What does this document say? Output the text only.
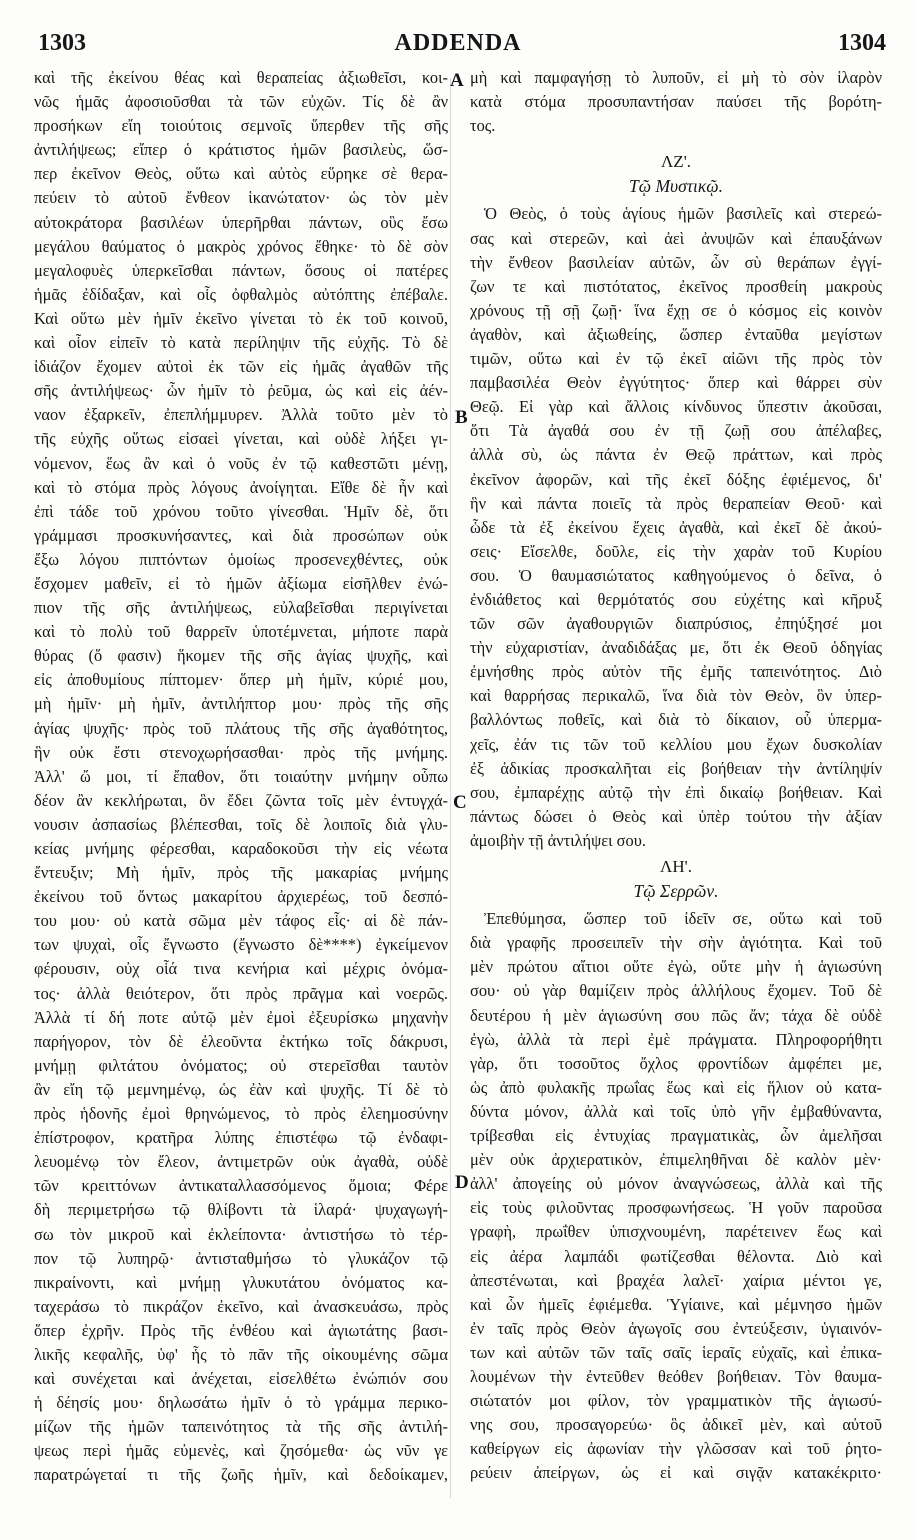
1303	ADDENDA	1304
A
B
C
D
καὶ τῆς ἐκείνου θέας καὶ θεραπείας ἀξιωθεῖσι, κοι-
νῶς ἡμᾶς ἀφοσιοῦσθαι τὰ τῶν εὐχῶν. Τίς δὲ ἂν
προσήκων εἴη τοιούτοις σεμνοῖς ὕπερθεν τῆς σῆς
ἀντιλήψεως; εἴπερ ὁ κράτιστος ἡμῶν βασιλεὺς, ὥσ-
περ ἐκεῖνον Θεὸς, οὕτω καὶ αὐτὸς εὕρηκε σὲ θερα-
πεύειν τὸ αὐτοῦ ἔνθεον ἱκανώτατον· ὡς τὸν μὲν
αὐτοκράτορα βασιλέων ὑπερῆρθαι πάντων, οὓς ἔσω
μεγάλου θαύματος ὁ μακρὸς χρόνος ἔθηκε· τὸ δὲ σὸν
μεγαλοφυὲς ὑπερκεῖσθαι πάντων, ὅσους οἱ πατέρες
ἡμᾶς ἐδίδαξαν, καὶ οἷς ὀφθαλμὸς αὐτόπτης ἐπέβαλε.
Καὶ οὕτω μὲν ἡμῖν ἐκεῖνο γίνεται τὸ ἐκ τοῦ κοινοῦ,
καὶ οἷον εἰπεῖν τὸ κατὰ περίληψιν τῆς εὐχῆς. Τὸ δὲ
ἰδιάζον ἔχομεν αὐτοὶ ἐκ τῶν εἰς ἡμᾶς ἀγαθῶν τῆς
σῆς ἀντιλήψεως· ὧν ἡμῖν τὸ ῥεῦμα, ὡς καὶ εἰς ἀέν-
ναον ἐξαρκεῖν, ἐπεπλήμμυρεν. Ἀλλὰ τοῦτο μὲν τὸ
τῆς εὐχῆς οὕτως εἰσαεὶ γίνεται, καὶ οὐδὲ λήξει γι-
νόμενον, ἕως ἂν καὶ ὁ νοῦς ἐν τῷ καθεστῶτι μένῃ,
καὶ τὸ στόμα πρὸς λόγους ἀνοίγηται. Εἴθε δὲ ἦν καὶ
ἐπὶ τάδε τοῦ χρόνου τοῦτο γίνεσθαι. Ἡμῖν δὲ, ὅτι
γράμμασι προσκυνήσαντες, καὶ διὰ προσώπων οὐκ
ἔξω λόγου πιπτόντων ὁμοίως προσενεχθέντες, οὐκ
ἔσχομεν μαθεῖν, εἰ τὸ ἡμῶν ἀξίωμα εἰσῆλθεν ἐνώ-
πιον τῆς σῆς ἀντιλήψεως, εὐλαβεῖσθαι περιγίνεται
καὶ τὸ πολὺ τοῦ θαρρεῖν ὑποτέμνεται, μήποτε παρὰ
θύρας (ὅ φασιν) ἥκομεν τῆς σῆς ἁγίας ψυχῆς, καὶ
εἰς ἀποθυμίους πίπτομεν· ὅπερ μὴ ἡμῖν, κύριέ μου,
μὴ ἡμῖν· μὴ ἡμῖν, ἀντιλήπτορ μου· πρὸς τῆς σῆς
ἁγίας ψυχῆς· πρὸς τοῦ πλάτους τῆς σῆς ἀγαθότητος,
ἣν οὐκ ἔστι στενοχωρήσασθαι· πρὸς τῆς μνήμης.
Ἀλλ' ὤ μοι, τί ἔπαθον, ὅτι τοιαύτην μνήμην οὗπω
δέον ἂν κεκλήρωται, ὃν ἔδει ζῶντα τοῖς μὲν ἐντυγχά-
νουσιν ἀσπασίως βλέπεσθαι, τοῖς δὲ λοιποῖς διὰ γλυ-
κείας μνήμης φέρεσθαι, καραδοκοῦσι τὴν εἰς νέωτα
ἔντευξιν; Μὴ ἡμῖν, πρὸς τῆς μακαρίας μνήμης
ἐκείνου τοῦ ὄντως μακαρίτου ἀρχιερέως, τοῦ δεσπό-
του μου· οὐ κατὰ σῶμα μὲν τάφος εἷς· αἱ δὲ πάν-
των ψυχαὶ, οἷς ἔγνωστο (ἔγνωστο δὲ****) ἐγκείμενον
φέρουσιν, οὐχ οἷά τινα κενήρια καὶ μέχρις ὀνόμα-
τος· ἀλλὰ θειότερον, ὅτι πρὸς πρᾶγμα καὶ νοερῶς.
Ἀλλὰ τί δή ποτε αὐτῷ μὲν ἐμοὶ ἐξευρίσκω μηχανὴν
παρήγορον, τὸν δὲ ἐλεοῦντα ἐκτήκω τοῖς δάκρυσι,
μνήμῃ φιλτάτου ὀνόματος; οὐ στερεῖσθαι ταυτὸν
ἂν εἴη τῷ μεμνημένῳ, ὡς ἐὰν καὶ ψυχῆς. Τί δὲ τὸ
πρὸς ἡδονῆς ἐμοὶ θρηνώμενος, τὸ πρὸς ἐλεημοσύνην
ἐπίστροφον, κρατῆρα λύπης ἐπιστέφω τῷ ἐνδαφι-
λευομένῳ τὸν ἔλεον, ἀντιμετρῶν οὐκ ἀγαθὰ, οὐδὲ
τῶν κρειττόνων ἀντικαταλλασσόμενος ὅμοια; Φέρε
δὴ περιμετρήσω τῷ θλίβοντι τὰ ἱλαρά· ψυχαγωγή-
σω τὸν μικροῦ καὶ ἐκλείποντα· ἀντιστήσω τὸ τέρ-
πον τῷ λυπηρῷ· ἀντισταθμήσω τὸ γλυκάζον τῷ
πικραίνοντι, καὶ μνήμῃ γλυκυτάτου ὀνόματος κα-
ταχεράσω τὸ πικράζον ἐκεῖνο, καὶ ἀνασκευάσω, πρὸς
ὅπερ ἐχρῆν. Πρὸς τῆς ἐνθέου καὶ ἁγιωτάτης βασι-
λικῆς κεφαλῆς, ὑφ' ἧς τὸ πᾶν τῆς οἰκουμένης σῶμα
καὶ συνέχεται καὶ ἀνέχεται, εἰσελθέτω ἐνώπιόν σου
ἡ δέησίς μου· δηλωσάτω ἡμῖν ὁ τὸ γράμμα περικο-
μίζων τῆς ἡμῶν ταπεινότητος τὰ τῆς σῆς ἀντιλή-
ψεως περὶ ἡμᾶς εὐμενὲς, καὶ ζησόμεθα· ὡς νῦν γε
παρατρώγεταί τι τῆς ζωῆς ἡμῖν, καὶ δεδοίκαμεν,
μὴ καὶ παμφαγήσῃ τὸ λυποῦν, εἰ μὴ τὸ σὸν ἱλαρὸν
κατὰ στόμα προσυπαντήσαν παύσει τῆς βορότη-
τος.
ΛΖ'.
Τῷ Μυστικῷ.
Ὁ Θεὸς, ὁ τοὺς ἁγίους ἡμῶν βασιλεῖς καὶ στερεώ-
σας καὶ στερεῶν, καὶ ἀεὶ ἀνυψῶν καὶ ἐπαυξάνων
τὴν ἔνθεον βασιλείαν αὐτῶν, ὧν σὺ θεράπων ἐγγί-
ζων τε καὶ πιστότατος, ἐκεῖνος προσθείη μακροὺς
χρόνους τῇ σῇ ζωῇ· ἵνα ἔχῃ σε ὁ κόσμος εἰς κοινὸν
ἀγαθὸν, καὶ ἀξιωθείης, ὥσπερ ἐνταῦθα μεγίστων
τιμῶν, οὕτω καὶ ἐν τῷ ἐκεῖ αἰῶνι τῆς πρὸς τὸν
παμβασιλέα Θεὸν ἐγγύτητος· ὅπερ καὶ θάρρει σὺν
Θεῷ. Εἰ γὰρ καὶ ἄλλοις κίνδυνος ὕπεστιν ἀκοῦσαι,
ὅτι Τὰ ἀγαθά σου ἐν τῇ ζωῇ σου ἀπέλαβες,
ἀλλὰ σὺ, ὡς πάντα ἐν Θεῷ πράττων, καὶ πρὸς
ἐκεῖνον ἀφορῶν, καὶ τῆς ἐκεῖ δόξης ἐφιέμενος, δι'
ἣν καὶ πάντα ποιεῖς τὰ πρὸς θεραπείαν Θεοῦ· καὶ
ὧδε τὰ ἐξ ἐκείνου ἔχεις ἀγαθὰ, καὶ ἐκεῖ δὲ ἀκού-
σεις· Εἴσελθε, δοῦλε, εἰς τὴν χαρὰν τοῦ Κυρίου
σου. Ὁ θαυμασιώτατος καθηγούμενος ὁ δεῖνα, ὁ
ἐνδιάθετος καὶ θερμότατός σου εὐχέτης καὶ κῆρυξ
τῶν σῶν ἀγαθουργιῶν διαπρύσιος, ἐπηύξησέ μοι
τὴν εὐχαριστίαν, ἀναδιδάξας με, ὅτι ἐκ Θεοῦ ὁδηγίας
ἐμνήσθης πρὸς αὐτὸν τῆς ἐμῆς ταπεινότητος. Διὸ
καὶ θαρρήσας περικαλῶ, ἵνα διὰ τὸν Θεὸν, ὃν ὑπερ-
βαλλόντως ποθεῖς, καὶ διὰ τὸ δίκαιον, οὗ ὑπερμα-
χεῖς, ἐάν τις τῶν τοῦ κελλίου μου ἔχων δυσκολίαν
ἐξ ἀδικίας προσκαλῆται εἰς βοήθειαν τὴν ἀντίληψίν
σου, ἐμπαρέχῃς αὐτῷ τὴν ἐπὶ δικαίῳ βοήθειαν. Καὶ
πάντως δώσει ὁ Θεὸς καὶ ὑπὲρ τούτου τὴν ἀξίαν
ἀμοιβὴν τῇ ἀντιλήψει σου.
ΛΗ'.
Τῷ Σερρῶν.
Ἐπεθύμησα, ὥσπερ τοῦ ἰδεῖν σε, οὕτω καὶ τοῦ
διὰ γραφῆς προσειπεῖν τὴν σὴν ἁγιότητα. Καὶ τοῦ
μὲν πρώτου αἴτιοι οὔτε ἐγὼ, οὔτε μὴν ἡ ἁγιωσύνη
σου· οὐ γὰρ θαμίζειν πρὸς ἀλλήλους ἔχομεν. Τοῦ δὲ
δευτέρου ἡ μὲν ἁγιωσύνη σου πῶς ἄν; τάχα δὲ οὐδὲ
ἐγὼ, ἀλλὰ τὰ περὶ ἐμὲ πράγματα. Πληροφορήθητι
γὰρ, ὅτι τοσοῦτος ὄχλος φροντίδων ἀμφέπει με,
ὡς ἀπὸ φυλακῆς πρωΐας ἕως καὶ εἰς ἥλιον οὐ κατα-
δύντα μόνον, ἀλλὰ καὶ τοῖς ὑπὸ γῆν ἐμβαθύναντα,
τρίβεσθαι εἰς ἐντυχίας πραγματικὰς, ὧν ἀμελῆσαι
μὲν οὐκ ἀρχιερατικὸν, ἐπιμεληθῆναι δὲ καλὸν μὲν·
ἀλλ' ἀπογείης οὐ μόνον ἀναγνώσεως, ἀλλὰ καὶ τῆς
εἰς τοὺς φιλοῦντας προσφωνήσεως. Ἡ γοῦν παροῦσα
γραφὴ, πρωΐθεν ὑπισχνουμένη, παρέτεινεν ἕως καὶ
εἰς ἀέρα λαμπάδι φωτίζεσθαι θέλοντα. Διὸ καὶ
ἀπεστένωται, καὶ βραχέα λαλεῖ· χαίρια μέντοι γε,
καὶ ὧν ἡμεῖς ἐφιέμεθα. Ὑγίαινε, καὶ μέμνησο ἡμῶν
ἐν ταῖς πρὸς Θεὸν ἀγωγοῖς σου ἐντεύξεσιν, ὑγιαινόν-
των καὶ αὐτῶν τῶν ταῖς σαῖς ἱεραῖς εὐχαῖς, καὶ ἐπικα-
λουμένων τὴν ἐντεῦθεν θεόθεν βοήθειαν. Τὸν θαυμα-
σιώτατόν μοι φίλον, τὸν γραμματικὸν τῆς ἁγιωσύ-
νης σου, προσαγορεύω· ὃς ἀδικεῖ μὲν, καὶ αὐτοῦ
καθείργων εἰς ἀφωνίαν τὴν γλῶσσαν καὶ τοῦ ῥητο-
ρεύειν ἀπείργων, ὡς εἰ καὶ σιγᾷν κατακέκριτο·
